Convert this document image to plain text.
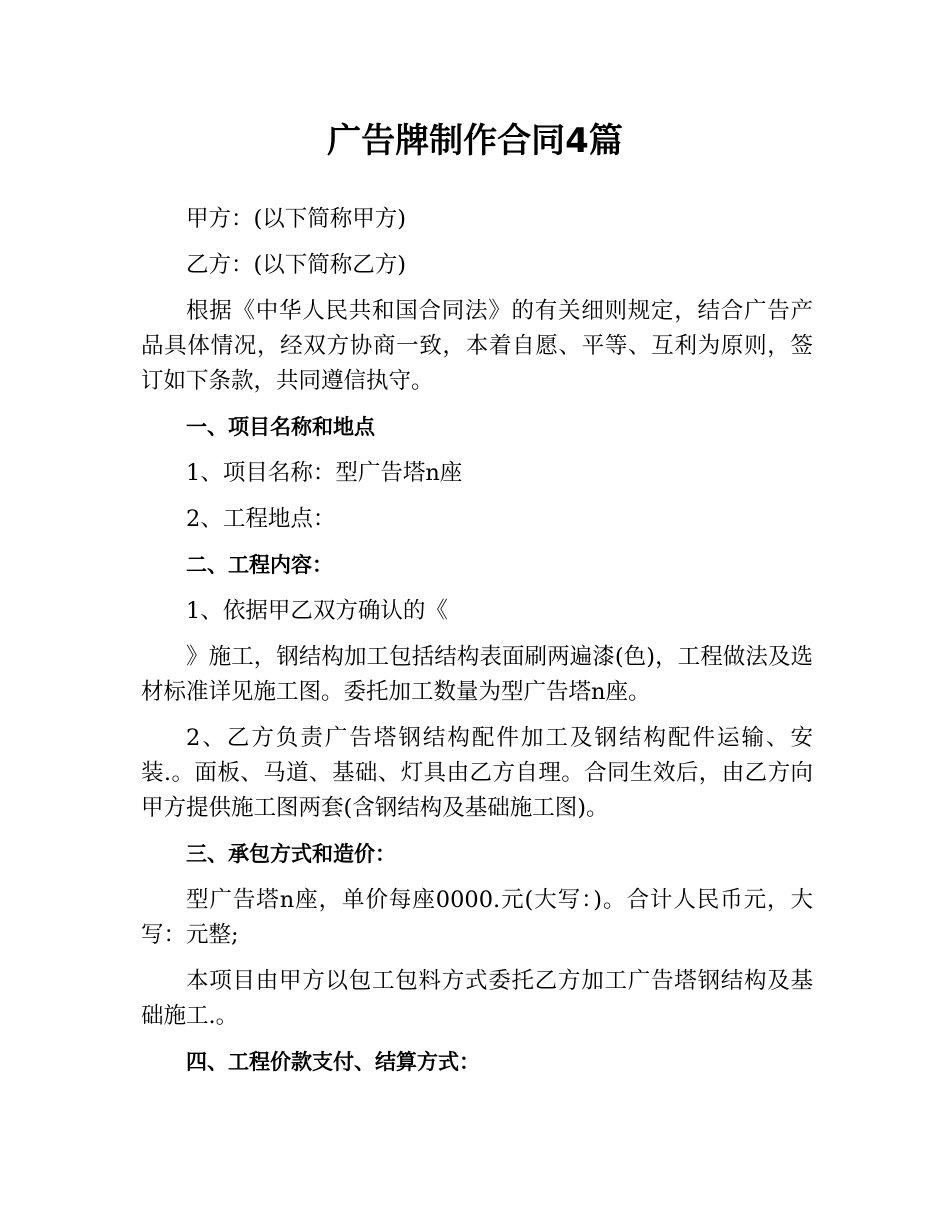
广告牌制作合同4篇

甲方：(以下简称甲方)

乙方：(以下简称乙方)

根据《中华人民共和国合同法》的有关细则规定，结合广告产品具体情况，经双方协商一致，本着自愿、平等、互利为原则，签订如下条款，共同遵信执守。

一、项目名称和地点

1、项目名称：型广告塔n座

2、工程地点：

二、工程内容：

1、依据甲乙双方确认的《

》施工，钢结构加工包括结构表面刷两遍漆(色)，工程做法及选材标准详见施工图。委托加工数量为型广告塔n座。

2、乙方负责广告塔钢结构配件加工及钢结构配件运输、安装.。面板、马道、基础、灯具由乙方自理。合同生效后，由乙方向甲方提供施工图两套(含钢结构及基础施工图)。

三、承包方式和造价：

型广告塔n座，单价每座0000.元(大写：)。合计人民币元，大写：元整;

本项目由甲方以包工包料方式委托乙方加工广告塔钢结构及基础施工.。

四、工程价款支付、结算方式：
